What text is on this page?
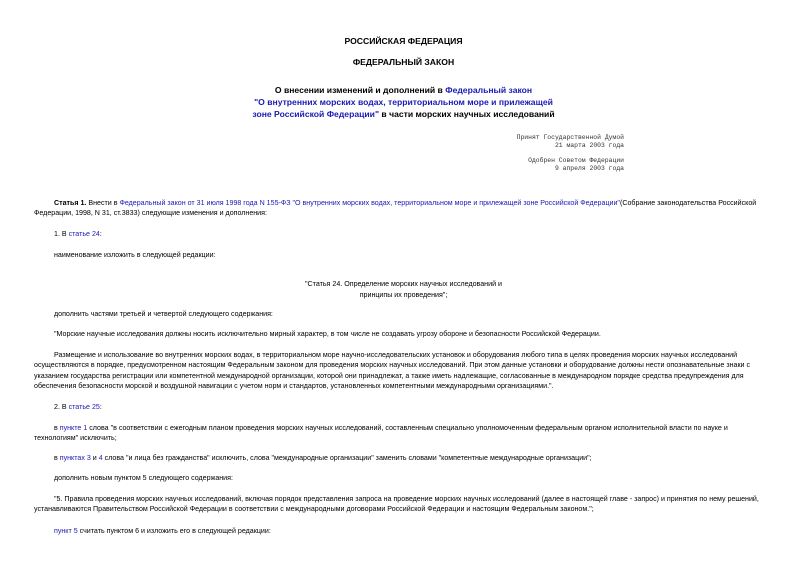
РОССИЙСКАЯ ФЕДЕРАЦИЯ
ФЕДЕРАЛЬНЫЙ ЗАКОН
О внесении изменений и дополнений в Федеральный закон
"О внутренних морских водах, территориальном море и прилежащей
зоне Российской Федерации" в части морских научных исследований
Принят Государственной Думой
21 марта 2003 года
Одобрен Советом Федерации
9 апреля 2003 года
Статья 1. Внести в Федеральный закон от 31 июля 1998 года N 155-ФЗ "О внутренних морских водах, территориальном море и прилежащей зоне Российской Федерации"(Собрание законодательства Российской
Федерации, 1998, N 31, ст.3833) следующие изменения и дополнения:
1. В статье 24:
наименование изложить в следующей редакции:
"Статья 24. Определение морских научных исследований и
принципы их проведения";
дополнить частями третьей и четвертой следующего содержания:
"Морские научные исследования должны носить исключительно мирный характер, в том числе не создавать угрозу обороне и безопасности Российской Федерации.
Размещение и использование во внутренних морских водах, в территориальном море научно-исследовательских установок и оборудования любого типа в целях проведения морских научных исследований
осуществляются в порядке, предусмотренном настоящим Федеральным законом для проведения морских научных исследований. При этом данные установки и оборудование должны нести опознавательные знаки с
указанием государства регистрации или компетентной международной организации, которой они принадлежат, а также иметь надлежащие, согласованные в международном порядке средства предупреждения для
обеспечения безопасности морской и воздушной навигации с учетом норм и стандартов, установленных компетентными международными организациями.".
2. В статье 25:
в пункте 1 слова "в соответствии с ежегодным планом проведения морских научных исследований, составленным специально уполномоченным федеральным органом исполнительной власти по науке и
технологиям" исключить;
в пунктах 3 и 4 слова "и лица без гражданства" исключить, слова "международные организации" заменить словами "компетентные международные организации";
дополнить новым пунктом 5 следующего содержания:
"5. Правила проведения морских научных исследований, включая порядок представления запроса на проведение морских научных исследований (далее в настоящей главе - запрос) и принятия по нему решений,
устанавливаются Правительством Российской Федерации в соответствии с международными договорами Российской Федерации и настоящим Федеральным законом.";
пункт 5 считать пунктом 6 и изложить его в следующей редакции:
